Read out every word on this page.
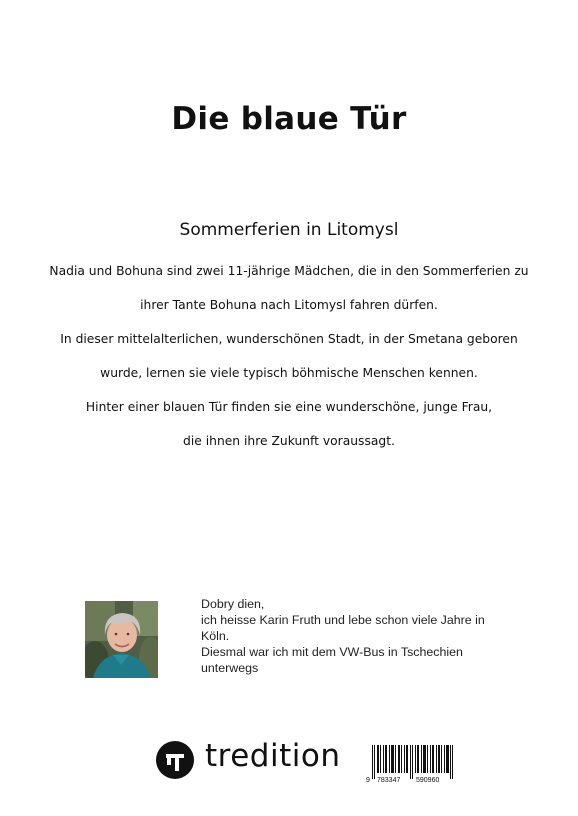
Die blaue Tür
Sommerferien in Litomysl
Nadia und Bohuna sind zwei 11-jährige Mädchen, die in den Sommerferien zu
ihrer Tante Bohuna nach Litomysl fahren dürfen.
In dieser mittelalterlichen, wunderschönen Stadt, in der Smetana geboren
wurde, lernen sie viele typisch böhmische Menschen kennen.
Hinter einer blauen Tür finden sie eine wunderschöne, junge Frau,
die ihnen ihre Zukunft voraussagt.
Dobry dien,
ich heisse Karin Fruth und lebe schon viele Jahre in
Köln.
Diesmal war ich mit dem VW-Bus in Tschechien
unterwegs
tredition
9 783347 590960
